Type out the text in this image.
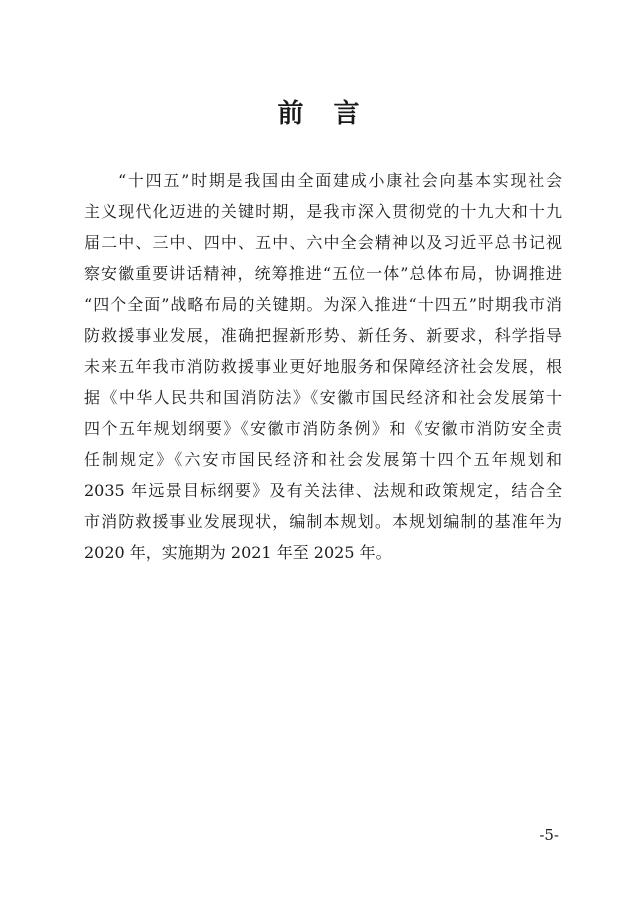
前　言
“十四五”时期是我国由全面建成小康社会向基本实现社会
主义现代化迈进的关键时期，是我市深入贯彻党的十九大和十九
届二中、三中、四中、五中、六中全会精神以及习近平总书记视
察安徽重要讲话精神，统筹推进“五位一体”总体布局，协调推进
“四个全面”战略布局的关键期。为深入推进“十四五”时期我市消
防救援事业发展，准确把握新形势、新任务、新要求，科学指导
未来五年我市消防救援事业更好地服务和保障经济社会发展，根
据《中华人民共和国消防法》《安徽市国民经济和社会发展第十
四个五年规划纲要》《安徽市消防条例》和《安徽市消防安全责
任制规定》《六安市国民经济和社会发展第十四个五年规划和
2035 年远景目标纲要》及有关法律、法规和政策规定，结合全
市消防救援事业发展现状，编制本规划。本规划编制的基准年为
2020 年，实施期为 2021 年至 2025 年。
-5-
